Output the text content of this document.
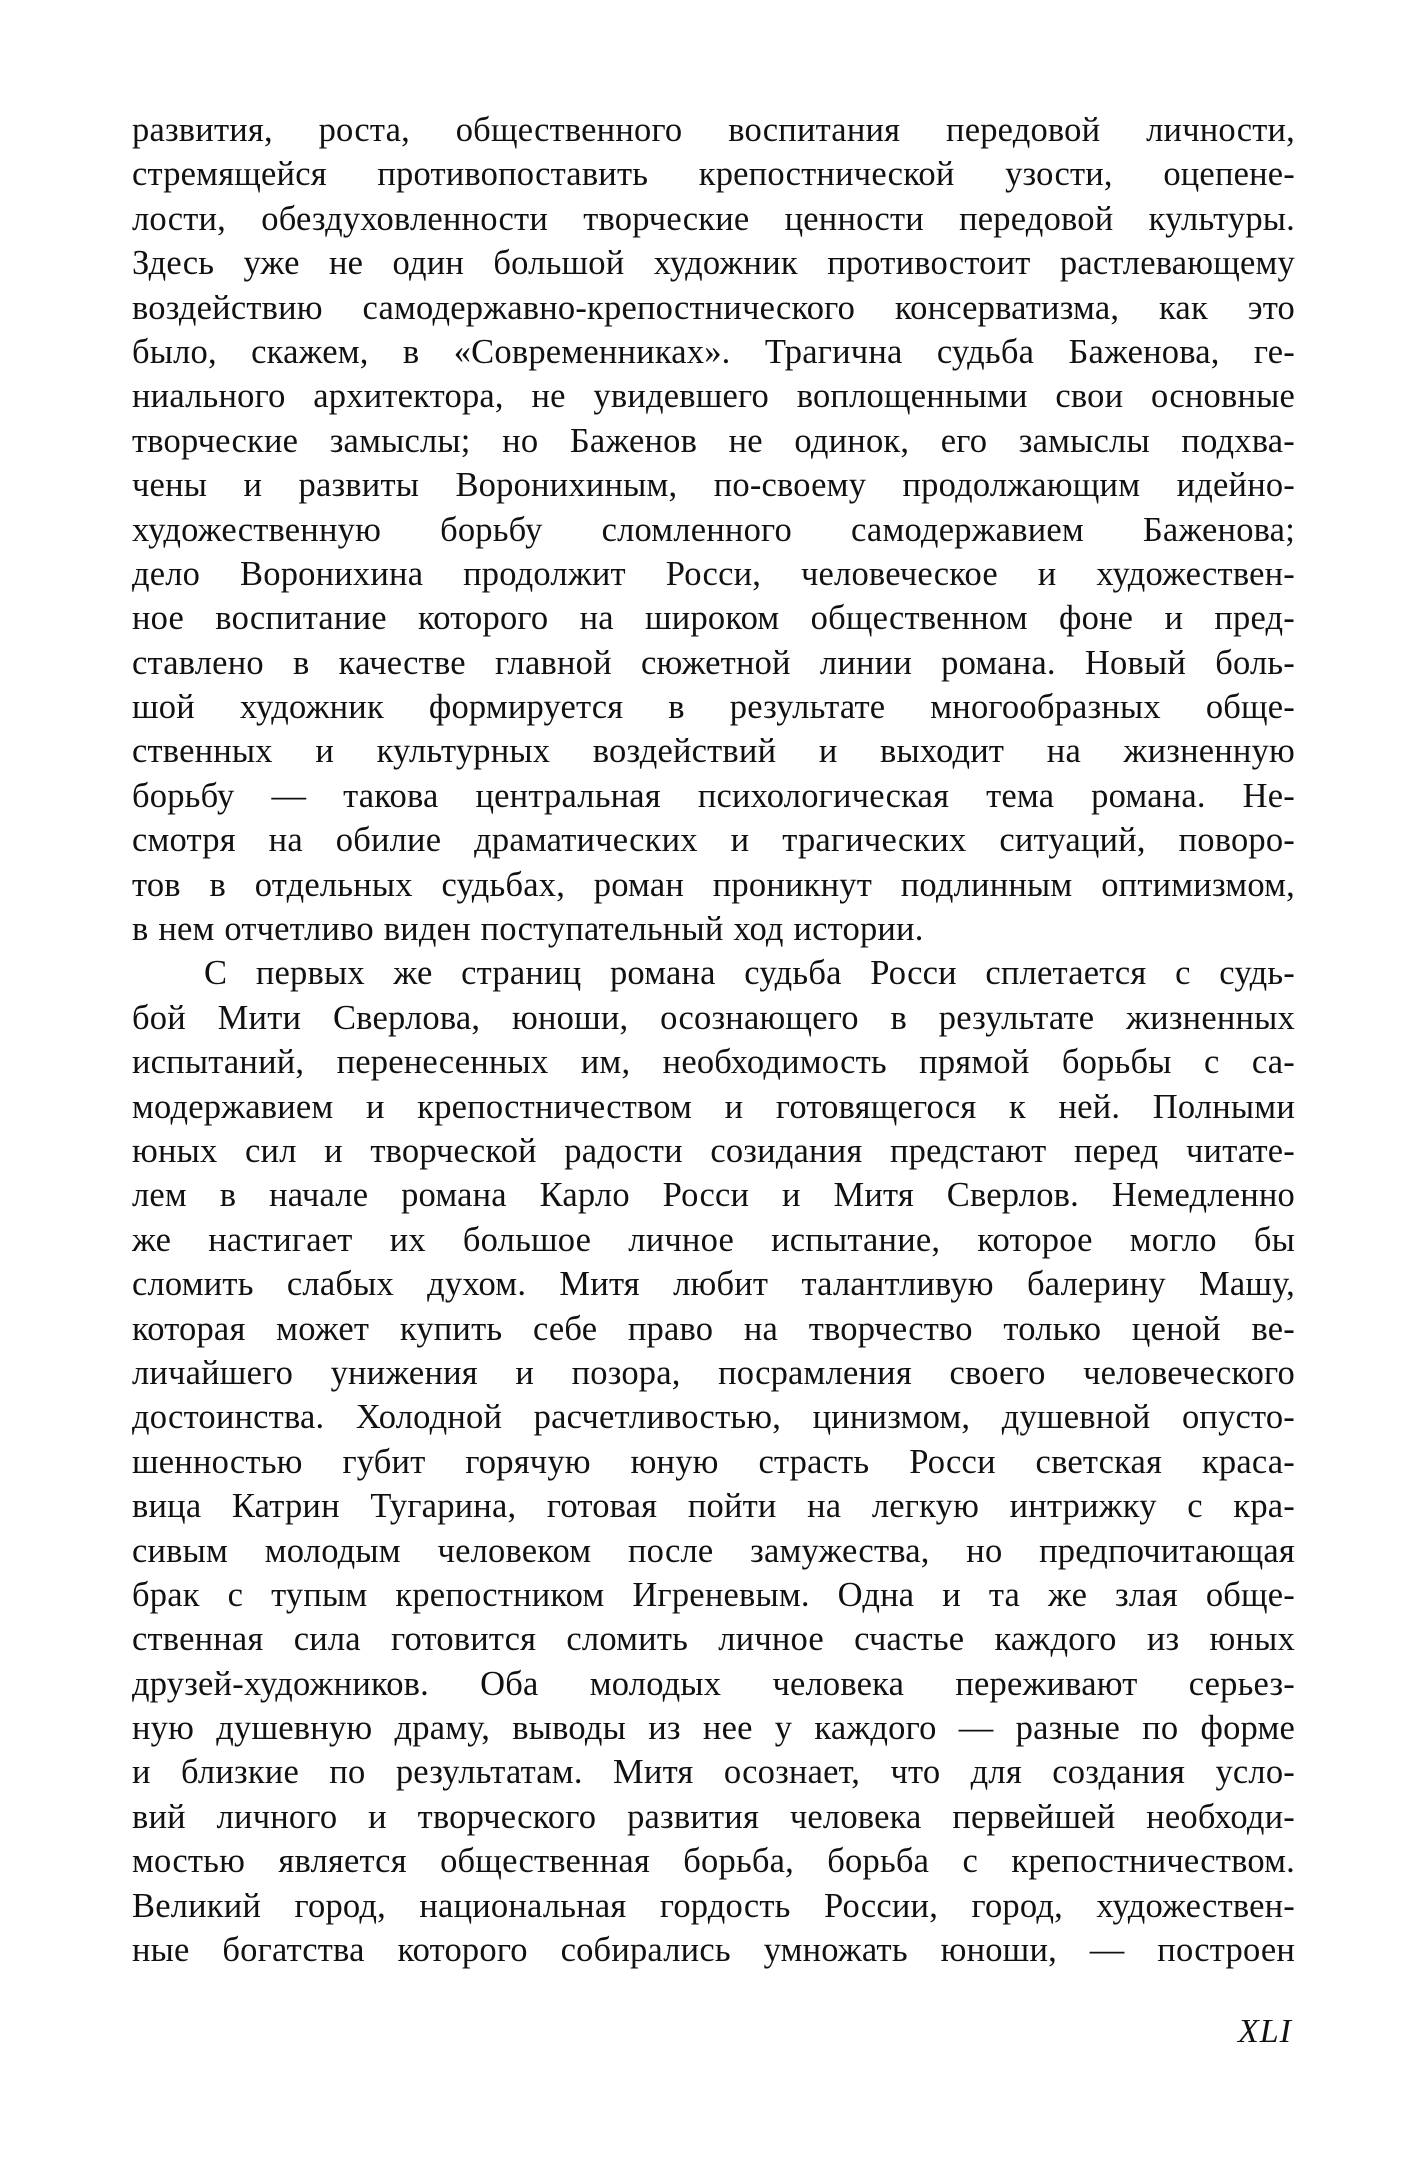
развития, роста, общественного воспитания передовой личности,
стремящейся противопоставить крепостнической узости, оцепене-
лости, обездуховленности творческие ценности передовой культуры.
Здесь уже не один большой художник противостоит растлевающему
воздействию самодержавно-крепостнического консерватизма, как это
было, скажем, в «Современниках». Трагична судьба Баженова, ге-
ниального архитектора, не увидевшего воплощенными свои основные
творческие замыслы; но Баженов не одинок, его замыслы подхва-
чены и развиты Воронихиным, по-своему продолжающим идейно-
художественную борьбу сломленного самодержавием Баженова;
дело Воронихина продолжит Росси, человеческое и художествен-
ное воспитание которого на широком общественном фоне и пред-
ставлено в качестве главной сюжетной линии романа. Новый боль-
шой художник формируется в результате многообразных обще-
ственных и культурных воздействий и выходит на жизненную
борьбу — такова центральная психологическая тема романа. Не-
смотря на обилие драматических и трагических ситуаций, поворо-
тов в отдельных судьбах, роман проникнут подлинным оптимизмом,
в нем отчетливо виден поступательный ход истории.

С первых же страниц романа судьба Росси сплетается с судь-
бой Мити Сверлова, юноши, осознающего в результате жизненных
испытаний, перенесенных им, необходимость прямой борьбы с са-
модержавием и крепостничеством и готовящегося к ней. Полными
юных сил и творческой радости созидания предстают перед читате-
лем в начале романа Карло Росси и Митя Сверлов. Немедленно
же настигает их большое личное испытание, которое могло бы
сломить слабых духом. Митя любит талантливую балерину Машу,
которая может купить себе право на творчество только ценой ве-
личайшего унижения и позора, посрамления своего человеческого
достоинства. Холодной расчетливостью, цинизмом, душевной опусто-
шенностью губит горячую юную страсть Росси светская краса-
вица Катрин Тугарина, готовая пойти на легкую интрижку с кра-
сивым молодым человеком после замужества, но предпочитающая
брак с тупым крепостником Игреневым. Одна и та же злая обще-
ственная сила готовится сломить личное счастье каждого из юных
друзей-художников. Оба молодых человека переживают серьез-
ную душевную драму, выводы из нее у каждого — разные по форме
и близкие по результатам. Митя осознает, что для создания усло-
вий личного и творческого развития человека первейшей необходи-
мостью является общественная борьба, борьба с крепостничеством.
Великий город, национальная гордость России, город, художествен-
ные богатства которого собирались умножать юноши, — построен

XLI
